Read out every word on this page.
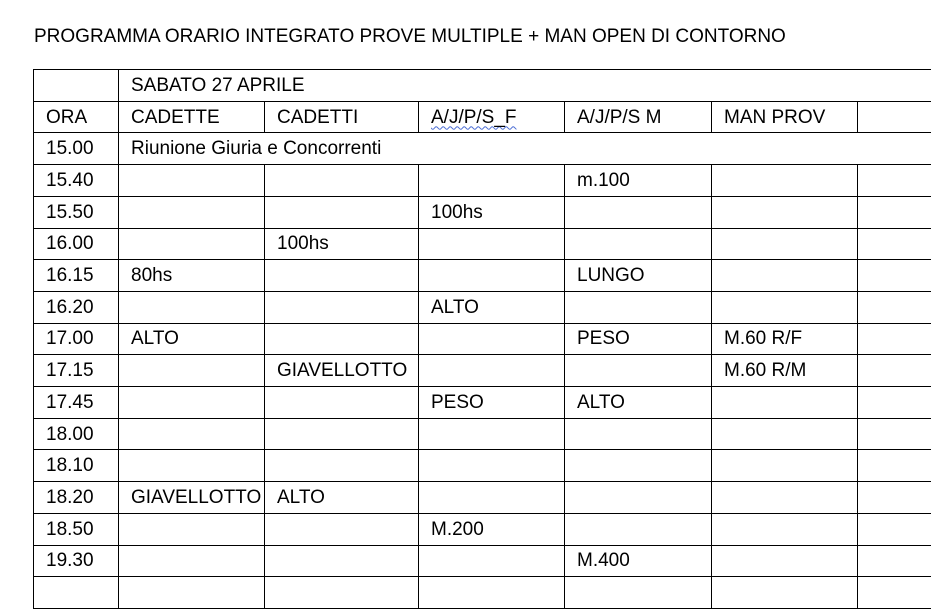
PROGRAMMA ORARIO INTEGRATO PROVE MULTIPLE + MAN OPEN DI CONTORNO
	SABATO 27 APRILE					
ORA	CADETTE	CADETTI	A/J/P/S_F	A/J/P/S M	MAN PROV	
15.00	Riunione Giuria e Concorrenti					
15.40				m.100		
15.50			100hs			
16.00		100hs				
16.15	80hs			LUNGO		
16.20			ALTO			
17.00	ALTO			PESO	M.60 R/F	
17.15		GIAVELLOTTO			M.60 R/M	
17.45			PESO	ALTO		
18.00						
18.10						
18.20	GIAVELLOTTO	ALTO				
18.50			M.200			
19.30				M.400		
